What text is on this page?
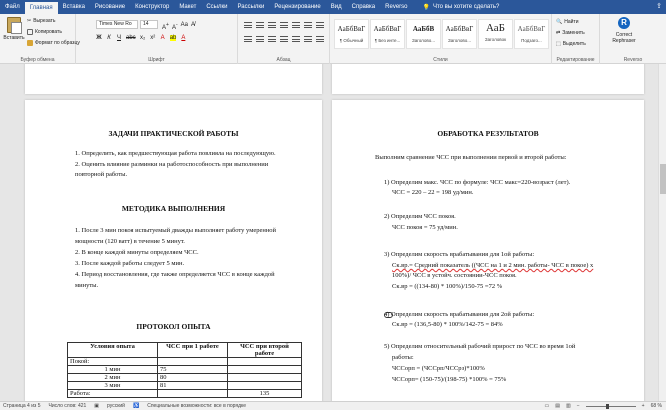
Файл	Главная	Вставка	Рисование	Конструктор	Макет	Ссылки	Рассылки	Рецензирование	Вид	Справка	Reverso	💡 Что вы хотите сделать?	⇪
Вставить
✂ Вырезать
Копировать
Формат по образцу
Буфер обмена
Times New Ro	14
A+ A- Aa A̸
Ж К Ч abc x₂ x² A ab A
Шрифт	Абзац
АаБбВвГ
¶ Обычный
АаБбВвГ
¶ Без инте...
АаБбВ
Заголово...
АаБбВвГ
Заголово...
АаБ
Заголовок
АаБбВвГ
Подзаго...
Стили	Редактирование
🔍 Найти
⇄ Заменить
⬚ Выделить
Reverso
R
Correct Rephraser
ЗАДАЧИ ПРАКТИЧЕСКОЙ РАБОТЫ
1. Определить, как предшествующая работа повлияла на последующую.
2. Оценить влияние разминки на работоспособность при выполнении
повторной работы.
МЕТОДИКА ВЫПОЛНЕНИЯ
1. После 3 мин покоя испытуемый дважды выполняет работу умеренной
мощности (120 ватт) в течение 5 минут.
2. В конце каждой минуты определяем ЧСС.
3. После каждой работы следует 5 мин.
4. Период восстановления, где также определяется ЧСС в конце каждой
минуты.
ПРОТОКОЛ ОПЫТА
Условия опыта	ЧСС при 1 работе	ЧСС при второй работе
Покой:		
1 мин	75	
2 мин	80	
3 мин	81	
Работа:		135
ОБРАБОТКА РЕЗУЛЬТАТОВ
Выполним сравнение ЧСС при выполнении первой и второй работы:
1) Определим макс. ЧСС по формуле: ЧСС макс=220-возраст (лет).
ЧСС = 220 – 22 = 198 уд/мин.
2) Определим ЧСС покоя.
ЧСС покоя = 75 уд/мин.
3) Определим скорость врабатывания для 1ой работы:
Ск.вр.= Средний показатель ((ЧСС на 1 и 2 мин. работы- ЧСС в покое) х
100%)/ ЧСС в устойч. состоянии-ЧСС покоя.
Ск.вр = ((134-80) * 100%)/150-75 =72 %
4) Определим скорость врабатывания для 2ой работы:
Ск.вр = (136,5-80) * 100%/142-75 = 84%
5) Определим относительный рабочий прирост по ЧСС во время 1ой
работы:
ЧССорп = (ЧССрп/ЧССрз)*100%
ЧССорп= (150-75)/(198-75) *100% = 75%
Страница 4 из 5 Число слов: 421 ▣ русский ♿ Специальные возможности: все в порядке	▭ ▤ ▥ −	+ 68 %
